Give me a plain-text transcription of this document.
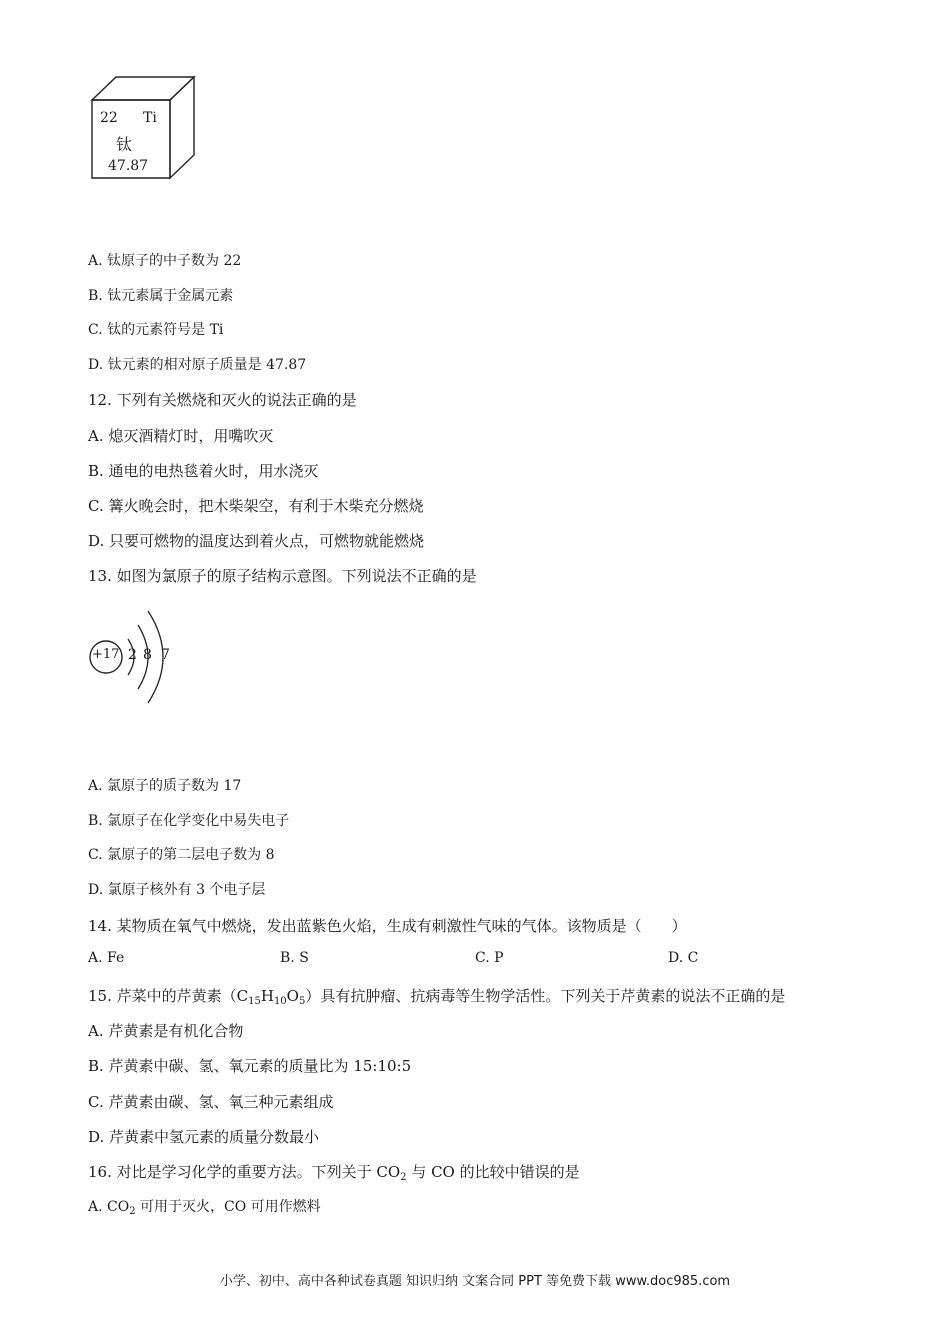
22 Ti
钛
47.87
A. 钛原子的中子数为 22
B. 钛元素属于金属元素
C. 钛的元素符号是 Ti
D. 钛元素的相对原子质量是 47.87
12. 下列有关燃烧和灭火的说法正确的是
A. 熄灭酒精灯时，用嘴吹灭
B. 通电的电热毯着火时，用水浇灭
C. 篝火晚会时，把木柴架空，有利于木柴充分燃烧
D. 只要可燃物的温度达到着火点，可燃物就能燃烧
13. 如图为氯原子的原子结构示意图。下列说法不正确的是
+17 2 8 7
A. 氯原子的质子数为 17
B. 氯原子在化学变化中易失电子
C. 氯原子的第二层电子数为 8
D. 氯原子核外有 3 个电子层
14. 某物质在氧气中燃烧，发出蓝紫色火焰，生成有刺激性气味的气体。该物质是（　　）
A. Fe	B. S	C. P	D. C
15. 芹菜中的芹黄素$(C_{15}H_{10}O_5)$具有抗肿瘤、抗病毒等生物学活性。下列关于芹黄素的说法不正确的是
A. 芹黄素是有机化合物
B. 芹黄素中碳、氢、氧元素的质量比为 15:10:5
C. 芹黄素由碳、氢、氧三种元素组成
D. 芹黄素中氢元素的质量分数最小
16. 对比是学习化学的重要方法。下列关于 $CO_2$ 与 CO 的比较中错误的是
A. $CO_2$ 可用于灭火，CO 可用作燃料
小学、初中、高中各种试卷真题 知识归纳 文案合同 PPT 等免费下载 www.doc985.com
